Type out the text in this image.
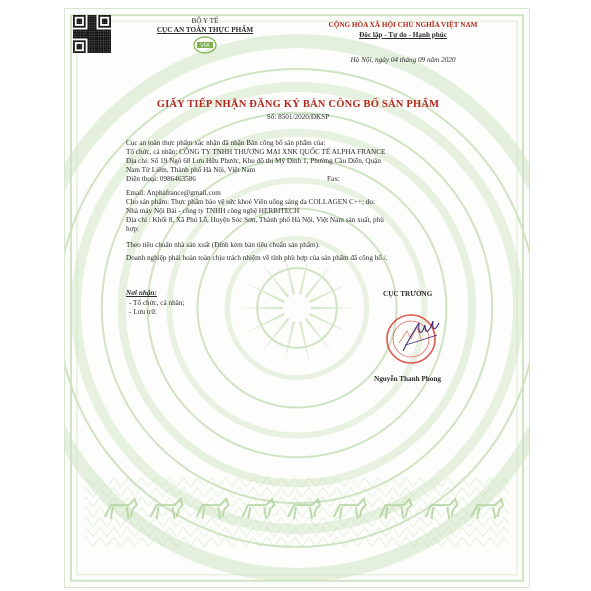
BỘ Y TẾ
CỤC AN TOÀN THỰC PHẨM
VFA
CỘNG HÒA XÃ HỘI CHỦ NGHĨA VIỆT NAM
Độc lập - Tự do - Hạnh phúc
Hà Nội, ngày 04 tháng 09 năm 2020
GIẤY TIẾP NHẬN ĐĂNG KÝ BẢN CÔNG BỐ SẢN PHẨM
Số: 8501/2020/ĐKSP
Cục an toàn thực phẩm xác nhận đã nhận Bản công bố sản phẩm của:
Tổ chức, cá nhân: CÔNG TY TNHH THƯƠNG MẠI XNK QUỐC TẾ ALPHA FRANCE
Địa chỉ: Số 19 Ngõ 68 Lưu Hữu Phước, Khu đô thị Mỹ Đình 1, Phường Cầu Diễn, Quận
Nam Từ Liêm, Thành phố Hà Nội, Việt Nam
Điện thoại: 0986463586	Fax:
Email: Anphafrance@gmail.com
Cho sản phẩm: Thực phẩm bảo vệ sức khoẻ Viên uống sáng da COLLAGEN C++; do:
Nhà máy Nội Bài - công ty TNHH công nghệ HERBITECH
Địa chỉ : Khối 8, Xã Phú Lỗ, Huyện Sóc Sơn, Thành phố Hà Nội, Việt Nam sản xuất, phù
hợp:
Theo tiêu chuẩn nhà sản xuất (Đính kèm bản tiêu chuẩn sản phẩm).
Doanh nghiệp phải hoàn toàn chịu trách nhiệm về tính phù hợp của sản phẩm đã công bố./.
Nơi nhận:
- Tổ chức, cá nhân;
- Lưu trữ.
CỤC TRƯỞNG
Nguyễn Thanh Phong
